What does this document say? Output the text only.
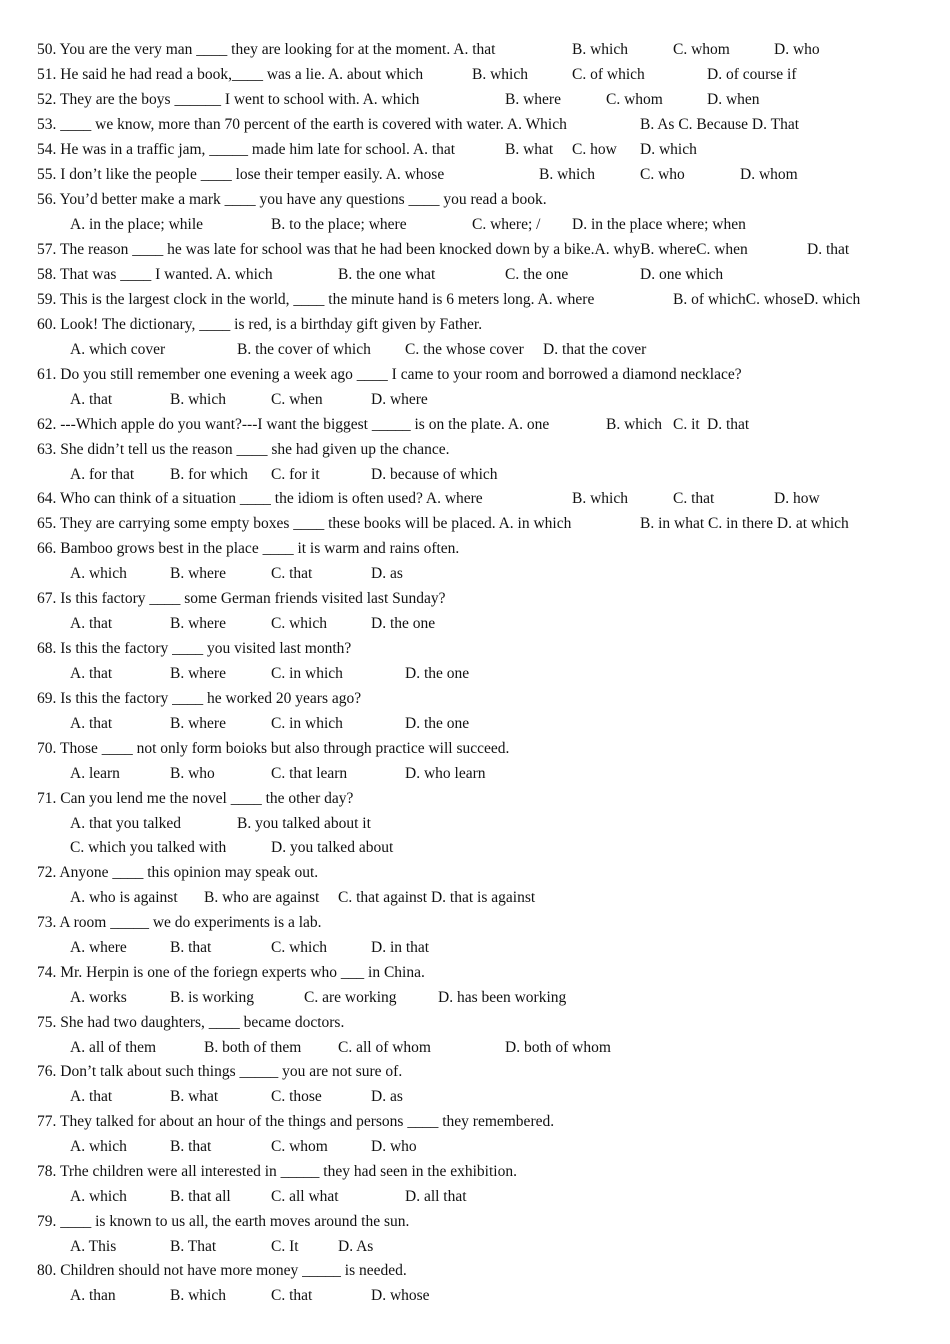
50. You are the very man ____ they are looking for at the moment. A. that	B. which	C. whom	D. who
51. He said he had read a book,____ was a lie. A. about which	B. which	C. of which	D. of course if
52. They are the boys ______ I went to school with. A. which	B. where	C. whom	D. when
53. ____ we know, more than 70 percent of the earth is covered with water. A. Which	B. As C. Because D. That
54. He was in a traffic jam, _____ made him late for school. A. that	B. what C. how D. which
55. I don’t like the people ____ lose their temper easily. A. whose	B. which	C. who	D. whom
56. You’d better make a mark ____ you have any questions ____ you read a book.
A. in the place; while	B. to the place; where	C. where; / D. in the place where; when
57. The reason ____ he was late for school was that he had been knocked down by a bike.A. whyB. whereC. when	D. that
58. That was ____ I wanted. A. which	B. the one what	C. the one	D. one which
59. This is the largest clock in the world, ____ the minute hand is 6 meters long. A. where	B. of whichC. whoseD. which
60. Look! The dictionary, ____ is red, is a birthday gift given by Father.
A. which cover	B. the cover of which C. the whose cover D. that the cover
61. Do you still remember one evening a week ago ____ I came to your room and borrowed a diamond necklace?
A. that	B. which	C. when	D. where
62. ---Which apple do you want?---I want the biggest _____ is on the plate. A. one	B. which C. it D. that
63. She didn’t tell us the reason ____ she had given up the chance.
A. for that B. for which C. for it	D. because of which
64. Who can think of a situation ____ the idiom is often used? A. where	B. which	C. that	D. how
65. They are carrying some empty boxes ____ these books will be placed. A. in which	B. in what C. in there D. at which
66. Bamboo grows best in the place ____ it is warm and rains often.
A. which	B. where	C. that	D. as
67. Is this factory ____ some German friends visited last Sunday?
A. that	B. where	C. which	D. the one
68. Is this the factory ____ you visited last month?
A. that	B. where	C. in which	D. the one
69. Is this the factory ____ he worked 20 years ago?
A. that	B. where	C. in which	D. the one
70. Those ____ not only form boioks but also through practice will succeed.
A. learn	B. who	C. that learn	D. who learn
71. Can you lend me the novel ____ the other day?
A. that you talked	B. you talked about it
C. which you talked with	D. you talked about
72. Anyone ____ this opinion may speak out.
A. who is against B. who are against C. that against D. that is against
73. A room _____ we do experiments is a lab.
A. where	B. that	C. which	D. in that
74. Mr. Herpin is one of the foriegn experts who ___ in China.
A. works	B. is working	C. are working	D. has been working
75. She had two daughters, ____ became doctors.
A. all of them	B. both of them C. all of whom	D. both of whom
76. Don’t talk about such things _____ you are not sure of.
A. that	B. what	C. those	D. as
77. They talked for about an hour of the things and persons ____ they remembered.
A. which	B. that	C. whom	D. who
78. Trhe children were all interested in _____ they had seen in the exhibition.
A. which	B. that all	C. all what	D. all that
79. ____ is known to us all, the earth moves around the sun.
A. This	B. That	C. It	D. As
80. Children should not have more money _____ is needed.
A. than	B. which	C. that	D. whose
